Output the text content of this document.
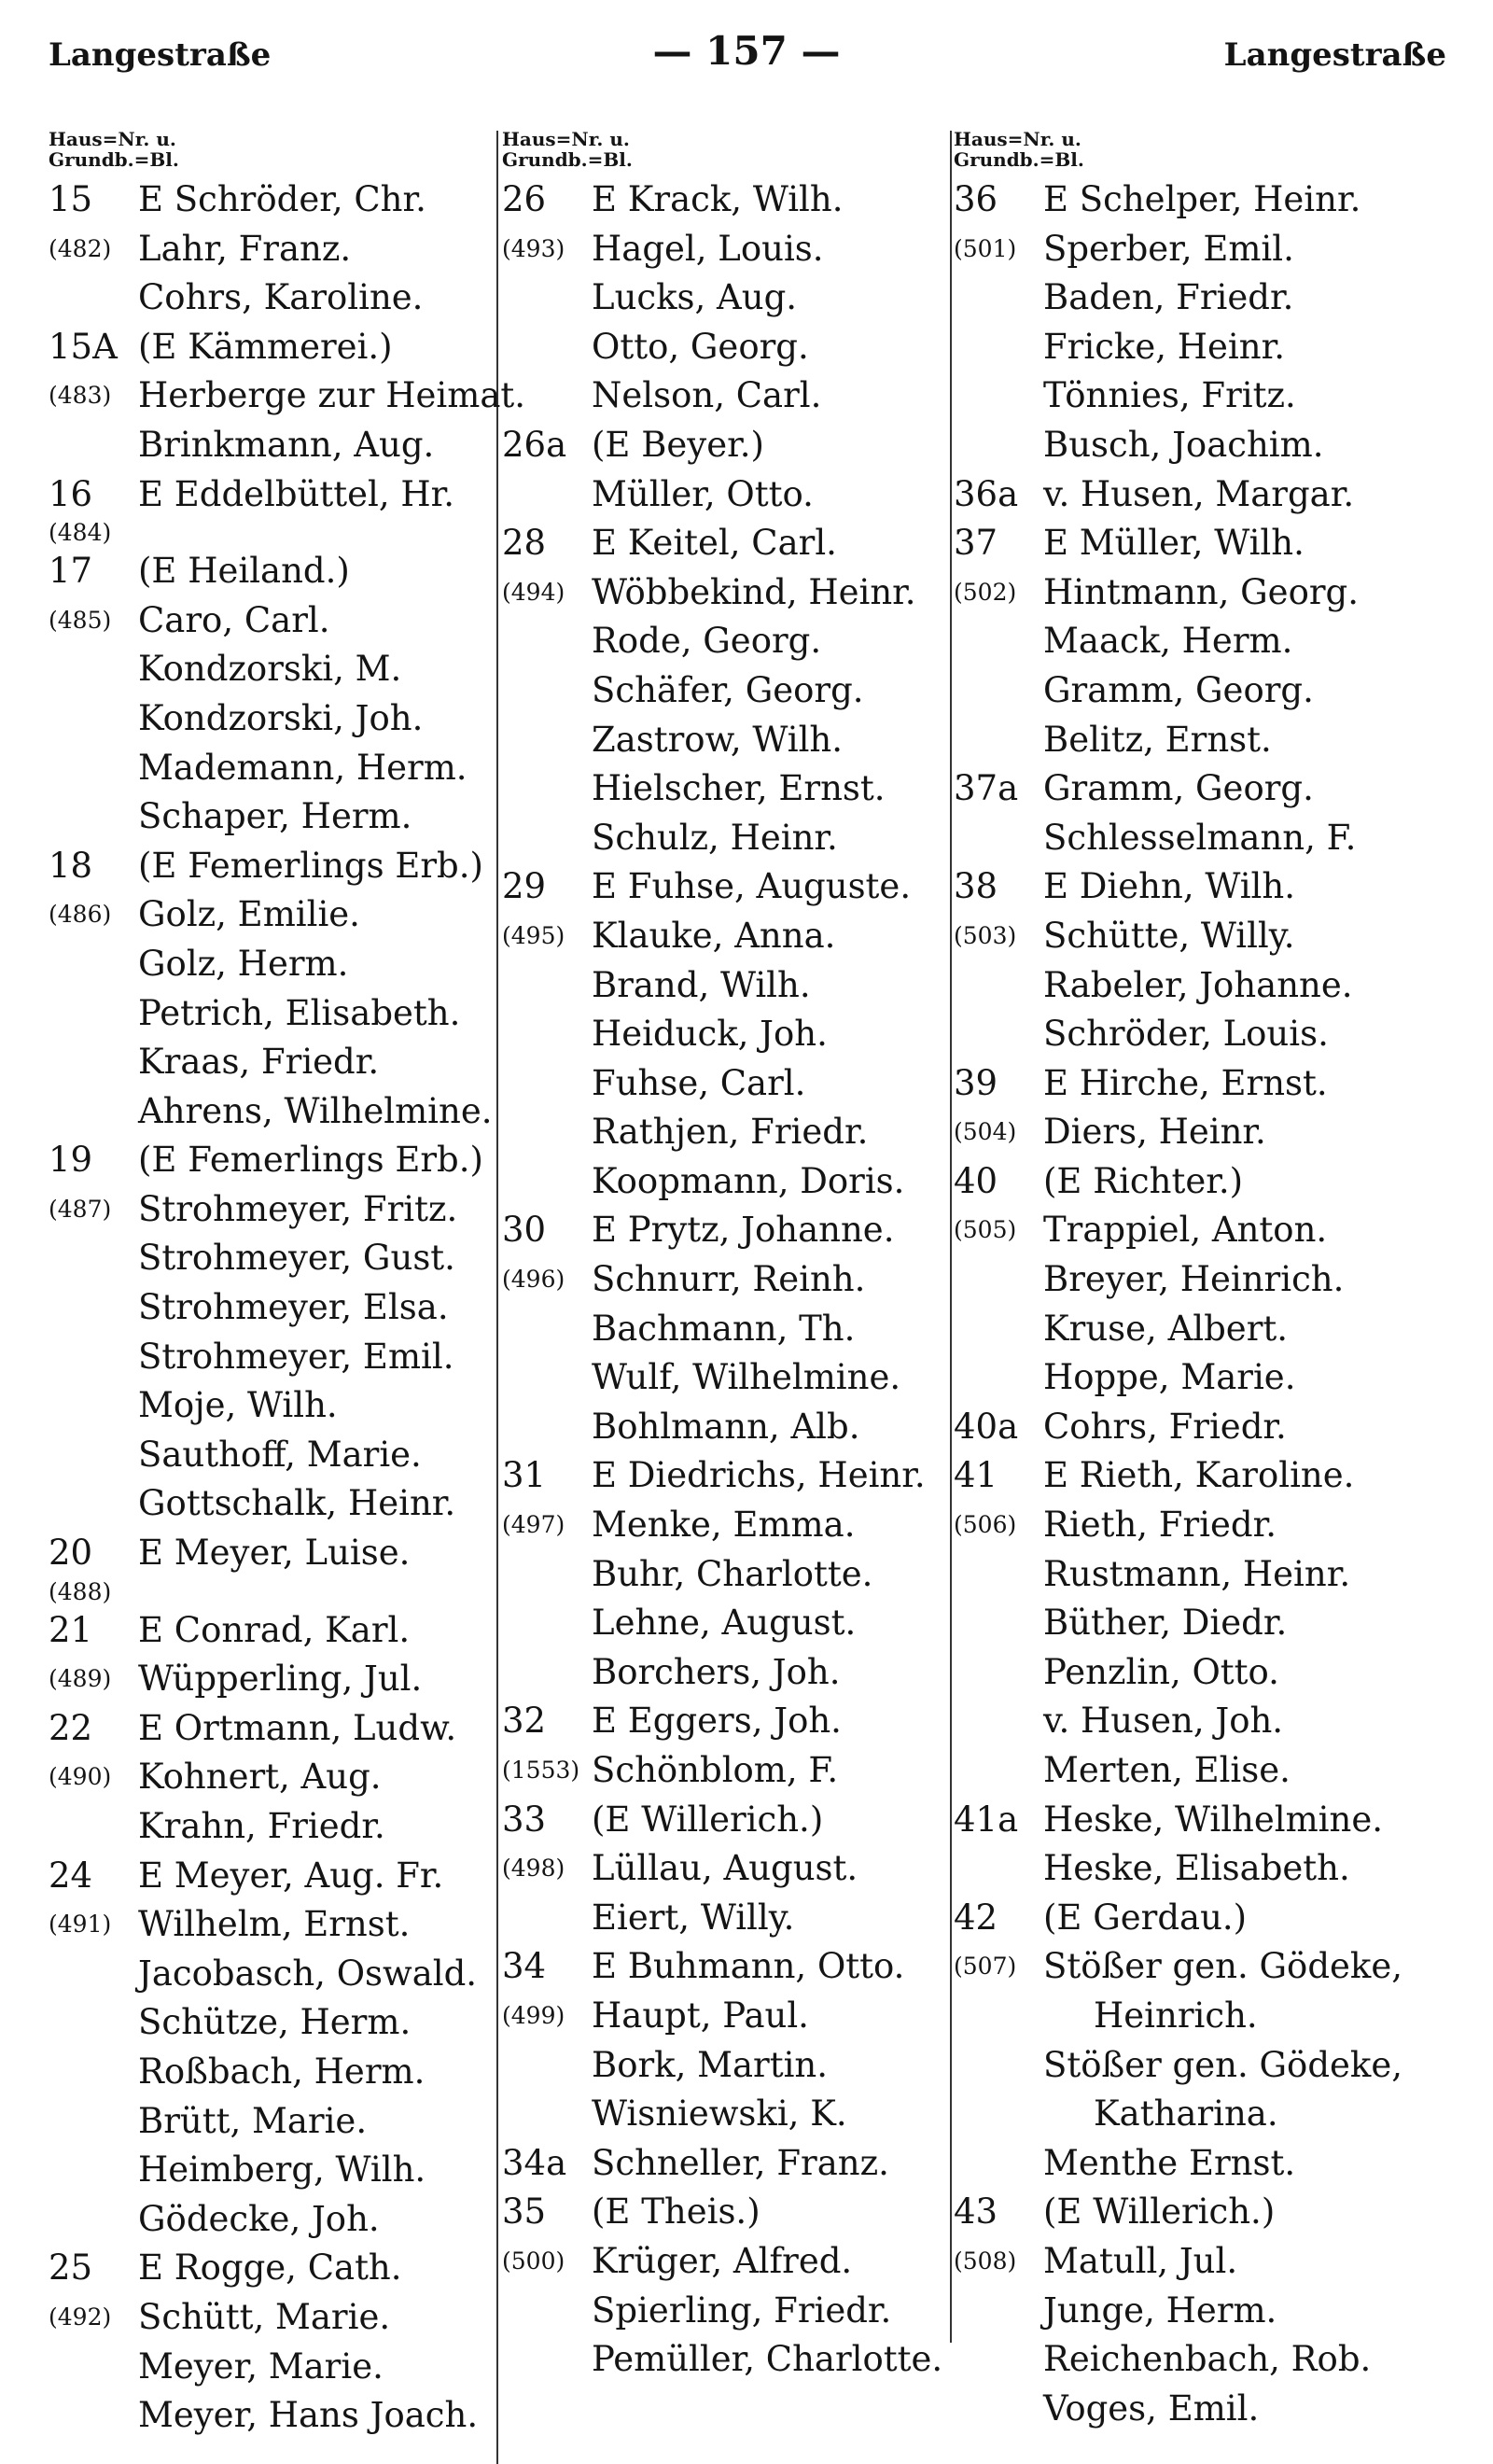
Langestraße	— 157 —	Langestraße
Haus=Nr. u.
Grundb.=Bl.
15 E Schröder, Chr.
(482) Lahr, Franz.
Cohrs, Karoline.
15A (E Kämmerei.)
(483) Herberge zur Heimat.
Brinkmann, Aug.
16 E Eddelbüttel, Hr.
(484)
17 (E Heiland.)
(485) Caro, Carl.
Kondzorski, M.
Kondzorski, Joh.
Mademann, Herm.
Schaper, Herm.
18 (E Femerlings Erb.)
(486) Golz, Emilie.
Golz, Herm.
Petrich, Elisabeth.
Kraas, Friedr.
Ahrens, Wilhelmine.
19 (E Femerlings Erb.)
(487) Strohmeyer, Fritz.
Strohmeyer, Gust.
Strohmeyer, Elsa.
Strohmeyer, Emil.
Moje, Wilh.
Sauthoff, Marie.
Gottschalk, Heinr.
20 E Meyer, Luise.
(488)
21 E Conrad, Karl.
(489) Wüpperling, Jul.
22 E Ortmann, Ludw.
(490) Kohnert, Aug.
Krahn, Friedr.
24 E Meyer, Aug. Fr.
(491) Wilhelm, Ernst.
Jacobasch, Oswald.
Schütze, Herm.
Roßbach, Herm.
Brütt, Marie.
Heimberg, Wilh.
Gödecke, Joh.
25 E Rogge, Cath.
(492) Schütt, Marie.
Meyer, Marie.
Meyer, Hans Joach.
Haus=Nr. u.
Grundb.=Bl.
26 E Krack, Wilh.
(493) Hagel, Louis.
Lucks, Aug.
Otto, Georg.
Nelson, Carl.
26a (E Beyer.)
Müller, Otto.
28 E Keitel, Carl.
(494) Wöbbekind, Heinr.
Rode, Georg.
Schäfer, Georg.
Zastrow, Wilh.
Hielscher, Ernst.
Schulz, Heinr.
29 E Fuhse, Auguste.
(495) Klauke, Anna.
Brand, Wilh.
Heiduck, Joh.
Fuhse, Carl.
Rathjen, Friedr.
Koopmann, Doris.
30 E Prytz, Johanne.
(496) Schnurr, Reinh.
Bachmann, Th.
Wulf, Wilhelmine.
Bohlmann, Alb.
31 E Diedrichs, Heinr.
(497) Menke, Emma.
Buhr, Charlotte.
Lehne, August.
Borchers, Joh.
32 E Eggers, Joh.
(1553) Schönblom, F.
33 (E Willerich.)
(498) Lüllau, August.
Eiert, Willy.
34 E Buhmann, Otto.
(499) Haupt, Paul.
Bork, Martin.
Wisniewski, K.
34a Schneller, Franz.
35 (E Theis.)
(500) Krüger, Alfred.
Spierling, Friedr.
Pemüller, Charlotte.
Haus=Nr. u.
Grundb.=Bl.
36 E Schelper, Heinr.
(501) Sperber, Emil.
Baden, Friedr.
Fricke, Heinr.
Tönnies, Fritz.
Busch, Joachim.
36a v. Husen, Margar.
37 E Müller, Wilh.
(502) Hintmann, Georg.
Maack, Herm.
Gramm, Georg.
Belitz, Ernst.
37a Gramm, Georg.
Schlesselmann, F.
38 E Diehn, Wilh.
(503) Schütte, Willy.
Rabeler, Johanne.
Schröder, Louis.
39 E Hirche, Ernst.
(504) Diers, Heinr.
40 (E Richter.)
(505) Trappiel, Anton.
Breyer, Heinrich.
Kruse, Albert.
Hoppe, Marie.
40a Cohrs, Friedr.
41 E Rieth, Karoline.
(506) Rieth, Friedr.
Rustmann, Heinr.
Büther, Diedr.
Penzlin, Otto.
v. Husen, Joh.
Merten, Elise.
41a Heske, Wilhelmine.
Heske, Elisabeth.
42 (E Gerdau.)
(507) Stößer gen. Gödeke,
Heinrich.
Stößer gen. Gödeke,
Katharina.
Menthe Ernst.
43 (E Willerich.)
(508) Matull, Jul.
Junge, Herm.
Reichenbach, Rob.
Voges, Emil.
